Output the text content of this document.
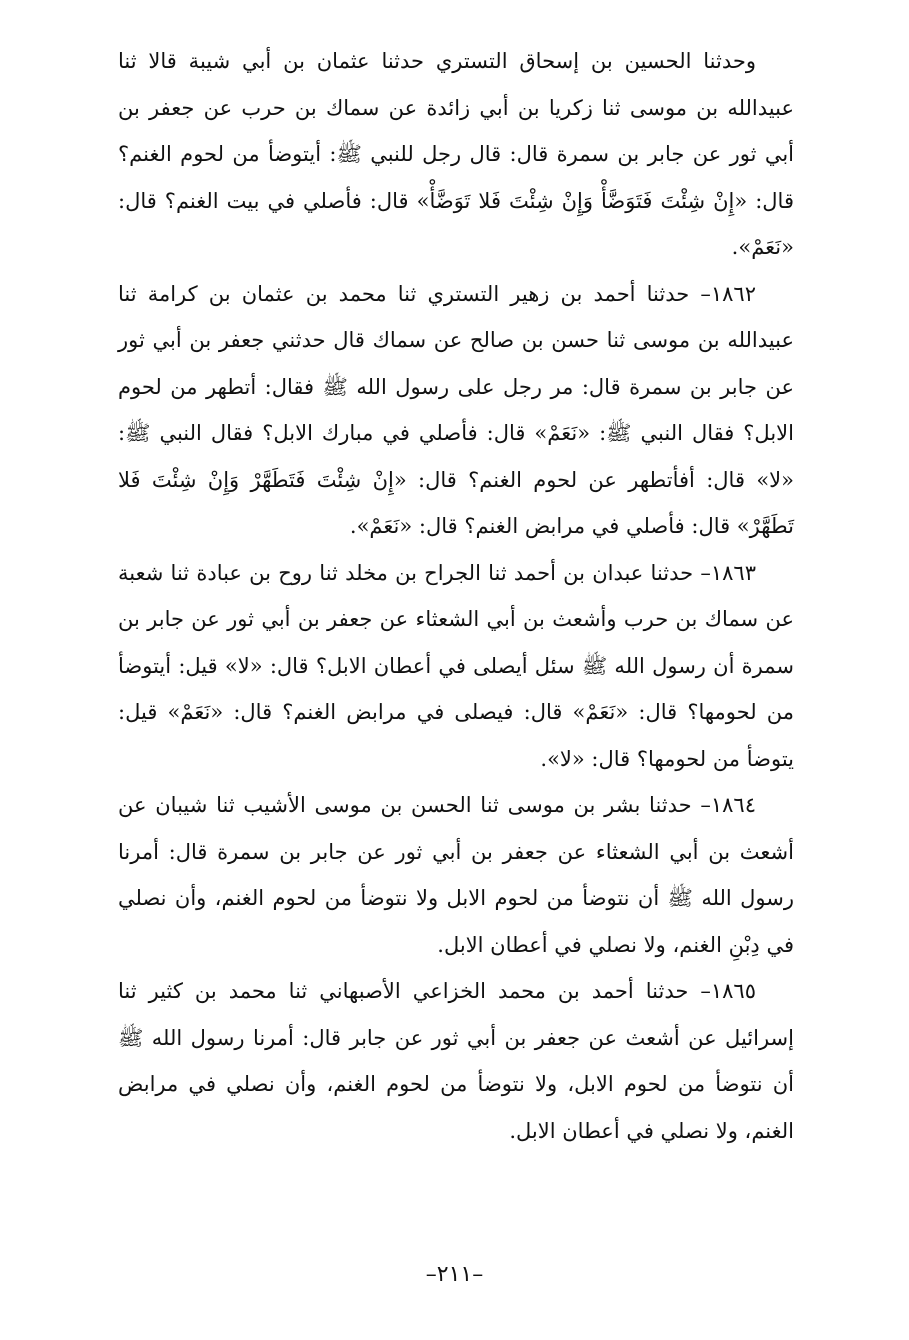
وحدثنا الحسين بن إسحاق التستري حدثنا عثمان بن أبي شيبة قالا ثنا عبيدالله بن موسى ثنا زكريا بن أبي زائدة عن سماك بن حرب عن جعفر بن أبي ثور عن جابر بن سمرة قال: قال رجل للنبي ﷺ: أيتوضأ من لحوم الغنم؟ قال: «إِنْ شِئْتَ فَتَوَضَّأْ وَإِنْ شِئْتَ فَلا تَوَضَّأْ» قال: فأصلي في بيت الغنم؟ قال: «نَعَمْ».

١٨٦٢– حدثنا أحمد بن زهير التستري ثنا محمد بن عثمان بن كرامة ثنا عبيدالله بن موسى ثنا حسن بن صالح عن سماك قال حدثني جعفر بن أبي ثور عن جابر بن سمرة قال: مر رجل على رسول الله ﷺ فقال: أتطهر من لحوم الابل؟ فقال النبي ﷺ: «نَعَمْ» قال: فأصلي في مبارك الابل؟ فقال النبي ﷺ: «لا» قال: أفأتطهر عن لحوم الغنم؟ قال: «إِنْ شِئْتَ فَتَطَهَّرْ وَإِنْ شِئْتَ فَلا تَطَهَّرْ» قال: فأصلي في مرابض الغنم؟ قال: «نَعَمْ».

١٨٦٣– حدثنا عبدان بن أحمد ثنا الجراح بن مخلد ثنا روح بن عبادة ثنا شعبة عن سماك بن حرب وأشعث بن أبي الشعثاء عن جعفر بن أبي ثور عن جابر بن سمرة أن رسول الله ﷺ سئل أيصلى في أعطان الابل؟ قال: «لا» قيل: أيتوضأ من لحومها؟ قال: «نَعَمْ» قال: فيصلى في مرابض الغنم؟ قال: «نَعَمْ» قيل: يتوضأ من لحومها؟ قال: «لا».

١٨٦٤– حدثنا بشر بن موسى ثنا الحسن بن موسى الأشيب ثنا شيبان عن أشعث بن أبي الشعثاء عن جعفر بن أبي ثور عن جابر بن سمرة قال: أمرنا رسول الله ﷺ أن نتوضأ من لحوم الابل ولا نتوضأ من لحوم الغنم، وأن نصلي في دِبْنِ الغنم، ولا نصلي في أعطان الابل.

١٨٦٥– حدثنا أحمد بن محمد الخزاعي الأصبهاني ثنا محمد بن كثير ثنا إسرائيل عن أشعث عن جعفر بن أبي ثور عن جابر قال: أمرنا رسول الله ﷺ أن نتوضأ من لحوم الابل، ولا نتوضأ من لحوم الغنم، وأن نصلي في مرابض الغنم، ولا نصلي في أعطان الابل.

–٢١١–
